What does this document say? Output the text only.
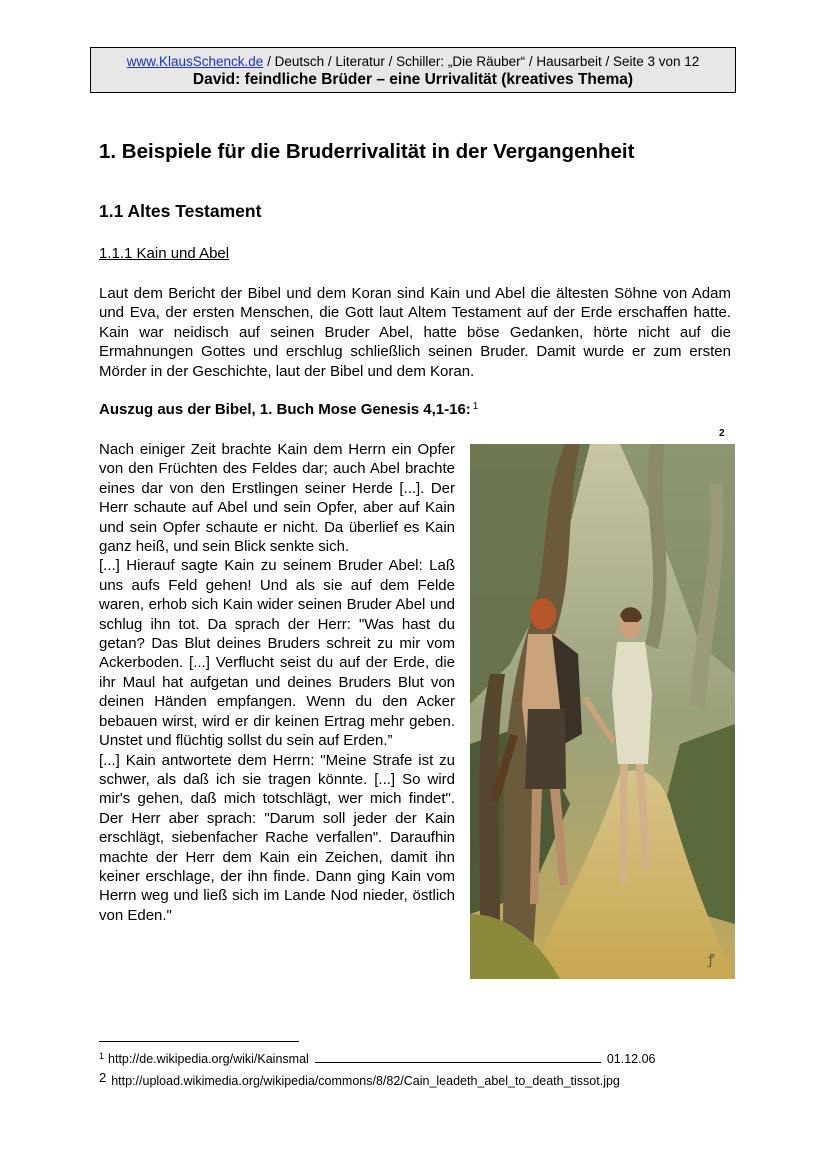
www.KlausSchenck.de / Deutsch / Literatur / Schiller: „Die Räuber“ / Hausarbeit / Seite 3 von 12
David: feindliche Brüder – eine Urrivalität (kreatives Thema)
1. Beispiele für die Bruderrivalität in der Vergangenheit
1.1 Altes Testament
1.1.1 Kain und Abel

Laut dem Bericht der Bibel und dem Koran sind Kain und Abel die ältesten Söhne von Adam und Eva, der ersten Menschen, die Gott laut Altem Testament auf der Erde erschaffen hatte. Kain war neidisch auf seinen Bruder Abel, hatte böse Gedanken, hörte nicht auf die Ermahnungen Gottes und erschlug schließlich seinen Bruder. Damit wurde er zum ersten Mörder in der Geschichte, laut der Bibel und dem Koran.

Auszug aus der Bibel, 1. Buch Mose Genesis 4,1-16: $^1$

Nach einiger Zeit brachte Kain dem Herrn ein Opfer von den Früchten des Feldes dar; auch Abel brachte eines dar von den Erstlingen seiner Herde [...]. Der Herr schaute auf Abel und sein Opfer, aber auf Kain und sein Opfer schaute er nicht. Da überlief es Kain ganz heiß, und sein Blick senkte sich.

[...] Hierauf sagte Kain zu seinem Bruder Abel: Laß uns aufs Feld gehen! Und als sie auf dem Felde waren, erhob sich Kain wider seinen Bruder Abel und schlug ihn tot. Da sprach der Herr: "Was hast du getan? Das Blut deines Bruders schreit zu mir vom Ackerboden. [...] Verflucht seist du auf der Erde, die ihr Maul hat aufgetan und deines Bruders Blut von deinen Händen empfangen. Wenn du den Acker bebauen wirst, wird er dir keinen Ertrag mehr geben. Unstet und flüchtig sollst du sein auf Erden.”

[...] Kain antwortete dem Herrn: "Meine Strafe ist zu schwer, als daß ich sie tragen könnte. [...] So wird mir's gehen, daß mich totschlägt, wer mich findet". Der Herr aber sprach: "Darum soll jeder der Kain erschlägt, siebenfacher Rache verfallen". Daraufhin machte der Herr dem Kain ein Zeichen, damit ihn keiner erschlage, der ihn finde. Dann ging Kain vom Herrn weg und ließ sich im Lande Nod nieder, östlich von Eden."

2
ꝭ
$^1$ http://de.wikipedia.org/wiki/Kainsmal	01.12.06
2 http://upload.wikimedia.org/wikipedia/commons/8/82/Cain_leadeth_abel_to_death_tissot.jpg
